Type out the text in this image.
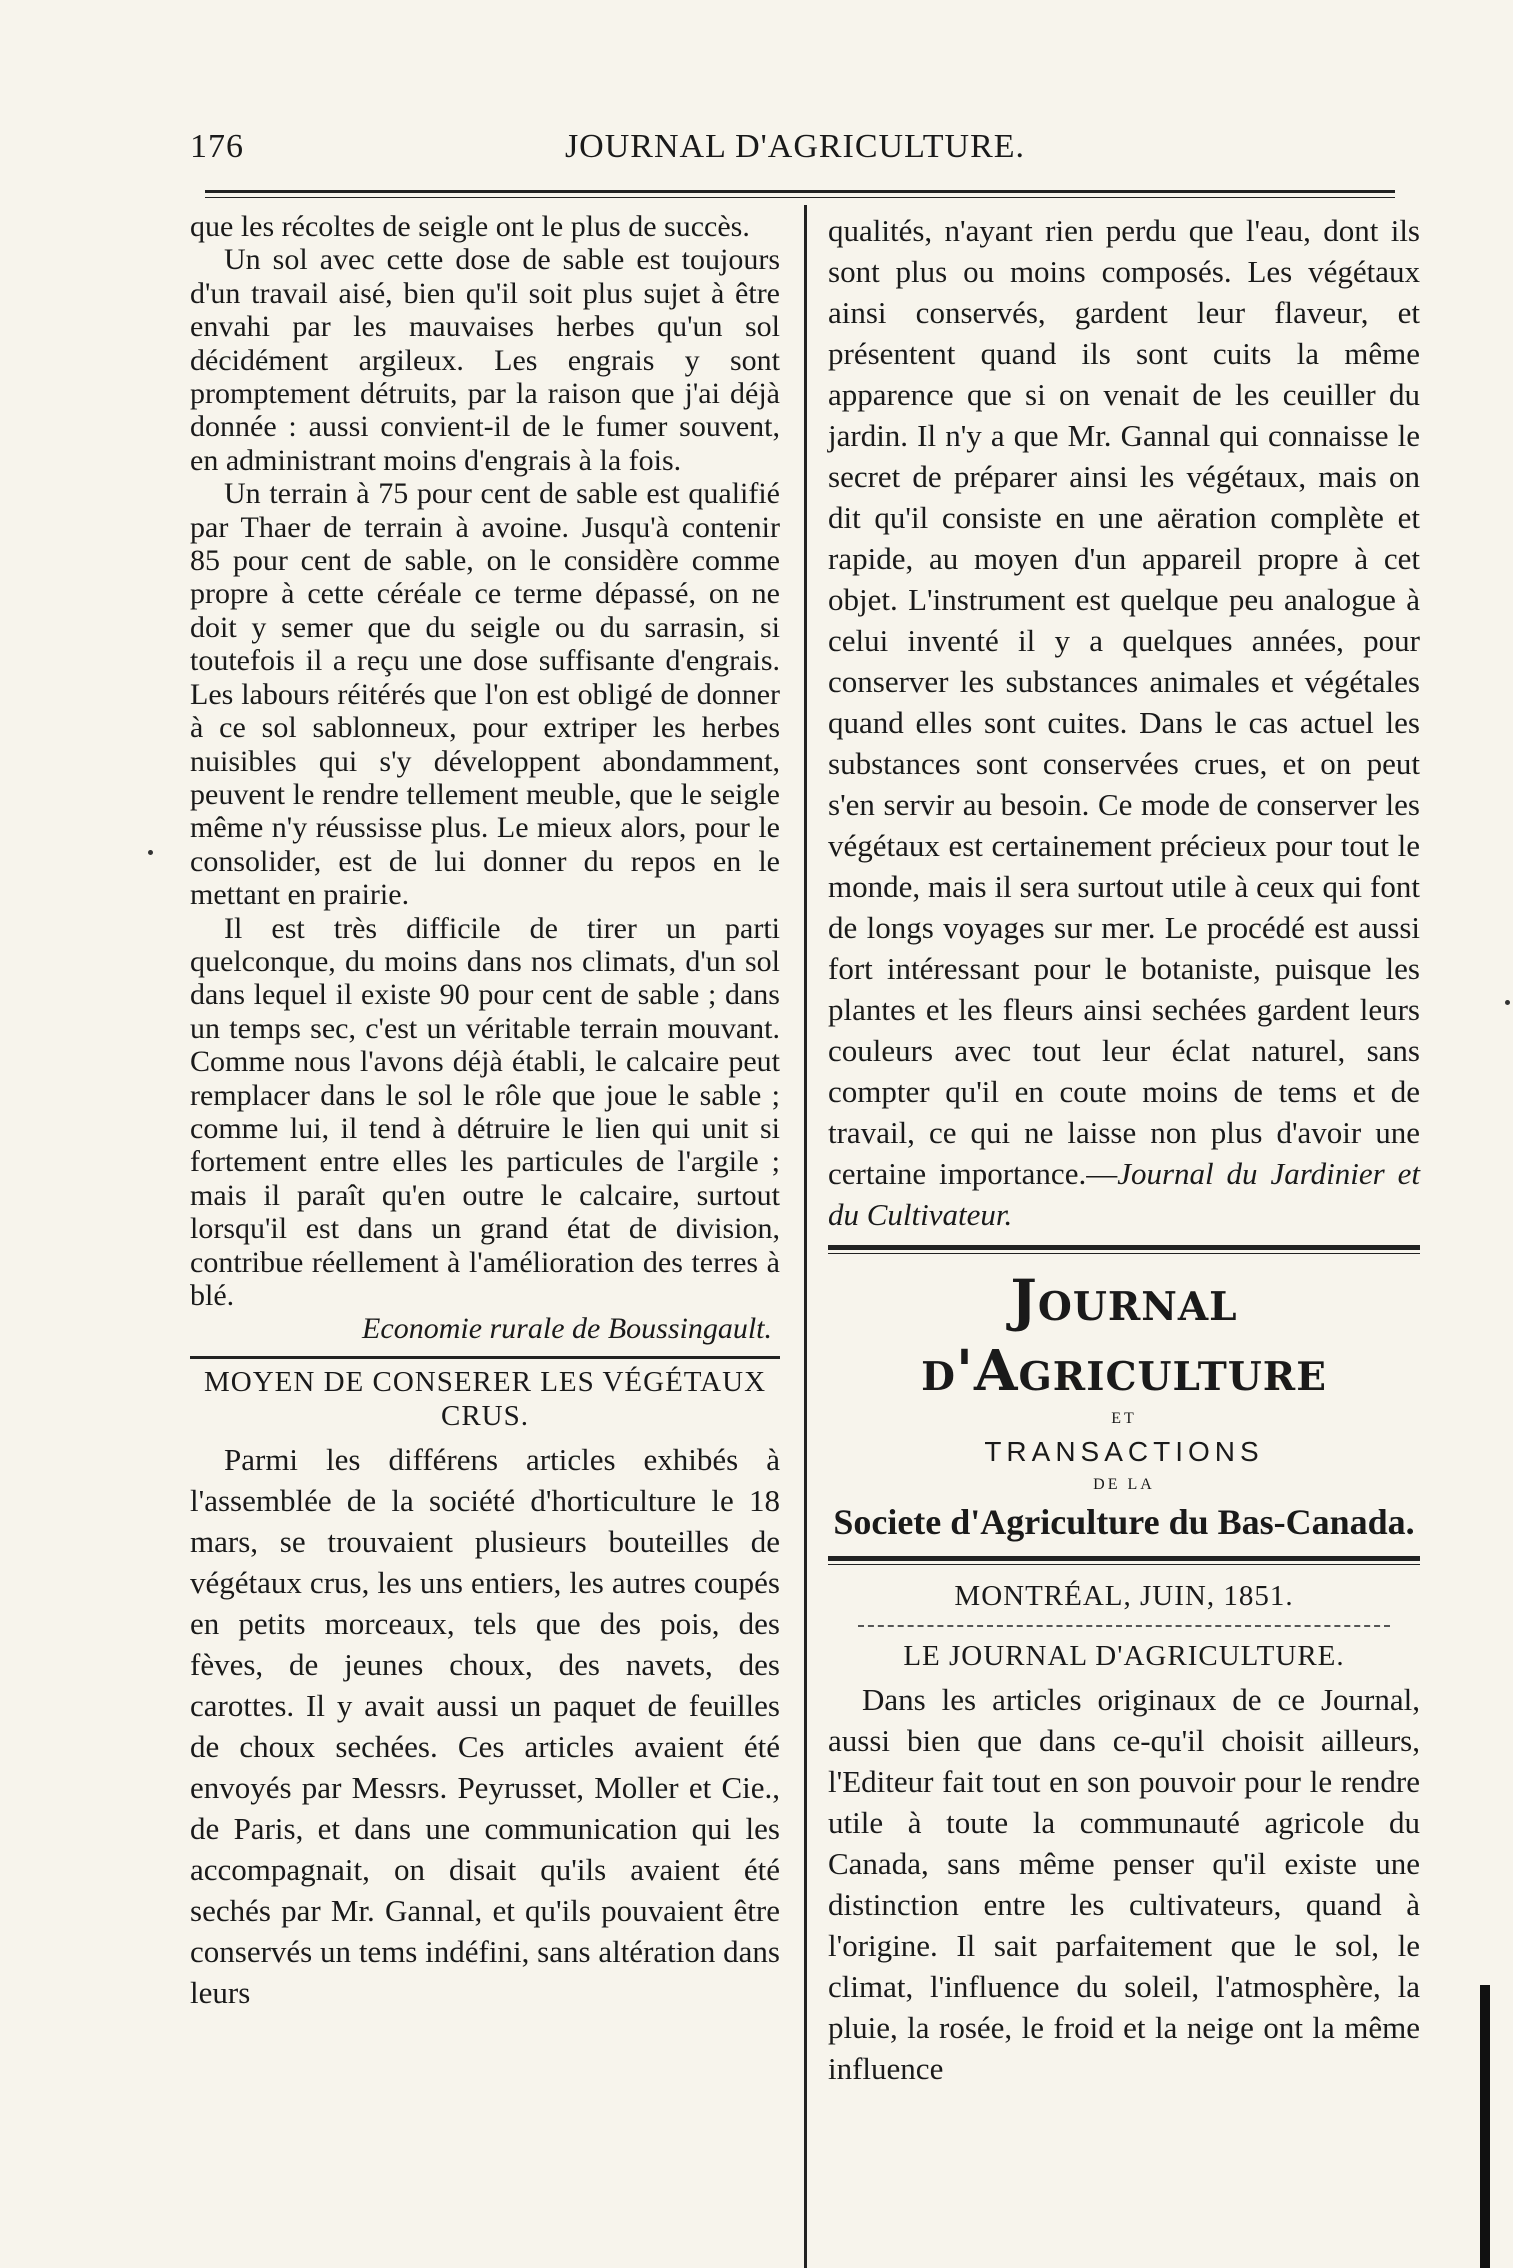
176	JOURNAL D'AGRICULTURE.

que les récoltes de seigle ont le plus de succès.

Un sol avec cette dose de sable est toujours d'un travail aisé, bien qu'il soit plus sujet à être envahi par les mauvaises herbes qu'un sol décidément argileux. Les engrais y sont promptement détruits, par la raison que j'ai déjà donnée : aussi convient-il de le fumer souvent, en administrant moins d'engrais à la fois.

Un terrain à 75 pour cent de sable est qualifié par Thaer de terrain à avoine. Jusqu'à contenir 85 pour cent de sable, on le considère comme propre à cette céréale ce terme dépassé, on ne doit y semer que du seigle ou du sarrasin, si toutefois il a reçu une dose suffisante d'engrais. Les labours réitérés que l'on est obligé de donner à ce sol sablonneux, pour extriper les herbes nuisibles qui s'y développent abondamment, peuvent le rendre tellement meuble, que le seigle même n'y réussisse plus. Le mieux alors, pour le consolider, est de lui donner du repos en le mettant en prairie.

Il est très difficile de tirer un parti quelconque, du moins dans nos climats, d'un sol dans lequel il existe 90 pour cent de sable ; dans un temps sec, c'est un véritable terrain mouvant. Comme nous l'avons déjà établi, le calcaire peut remplacer dans le sol le rôle que joue le sable ; comme lui, il tend à détruire le lien qui unit si fortement entre elles les particules de l'argile ; mais il paraît qu'en outre le calcaire, surtout lorsqu'il est dans un grand état de division, contribue réellement à l'amélioration des terres à blé.

Economie rurale de Boussingault.

MOYEN DE CONSERER LES VÉGÉTAUX CRUS.

Parmi les différens articles exhibés à l'assemblée de la société d'horticulture le 18 mars, se trouvaient plusieurs bouteilles de végétaux crus, les uns entiers, les autres coupés en petits morceaux, tels que des pois, des fèves, de jeunes choux, des navets, des carottes. Il y avait aussi un paquet de feuilles de choux sechées. Ces articles avaient été envoyés par Messrs. Peyrusset, Moller et Cie., de Paris, et dans une communication qui les accompagnait, on disait qu'ils avaient été sechés par Mr. Gannal, et qu'ils pouvaient être conservés un tems indéfini, sans altération dans leurs

qualités, n'ayant rien perdu que l'eau, dont ils sont plus ou moins composés. Les végétaux ainsi conservés, gardent leur flaveur, et présentent quand ils sont cuits la même apparence que si on venait de les ceuiller du jardin. Il n'y a que Mr. Gannal qui connaisse le secret de préparer ainsi les végétaux, mais on dit qu'il consiste en une aëration complète et rapide, au moyen d'un appareil propre à cet objet. L'instrument est quelque peu analogue à celui inventé il y a quelques années, pour conserver les substances animales et végétales quand elles sont cuites. Dans le cas actuel les substances sont conservées crues, et on peut s'en servir au besoin. Ce mode de conserver les végétaux est certainement précieux pour tout le monde, mais il sera surtout utile à ceux qui font de longs voyages sur mer. Le procédé est aussi fort intéressant pour le botaniste, puisque les plantes et les fleurs ainsi sechées gardent leurs couleurs avec tout leur éclat naturel, sans compter qu'il en coute moins de tems et de travail, ce qui ne laisse non plus d'avoir une certaine importance.—Journal du Jardinier et du Cultivateur.

Journal d'Agriculture
ET
TRANSACTIONS
DE LA
Societe d'Agriculture du Bas-Canada.
MONTRÉAL, JUIN, 1851.
LE JOURNAL D'AGRICULTURE.

Dans les articles originaux de ce Journal, aussi bien que dans ce-qu'il choisit ailleurs, l'Editeur fait tout en son pouvoir pour le rendre utile à toute la communauté agricole du Canada, sans même penser qu'il existe une distinction entre les cultivateurs, quand à l'origine. Il sait parfaitement que le sol, le climat, l'influence du soleil, l'atmosphère, la pluie, la rosée, le froid et la neige ont la même influence
